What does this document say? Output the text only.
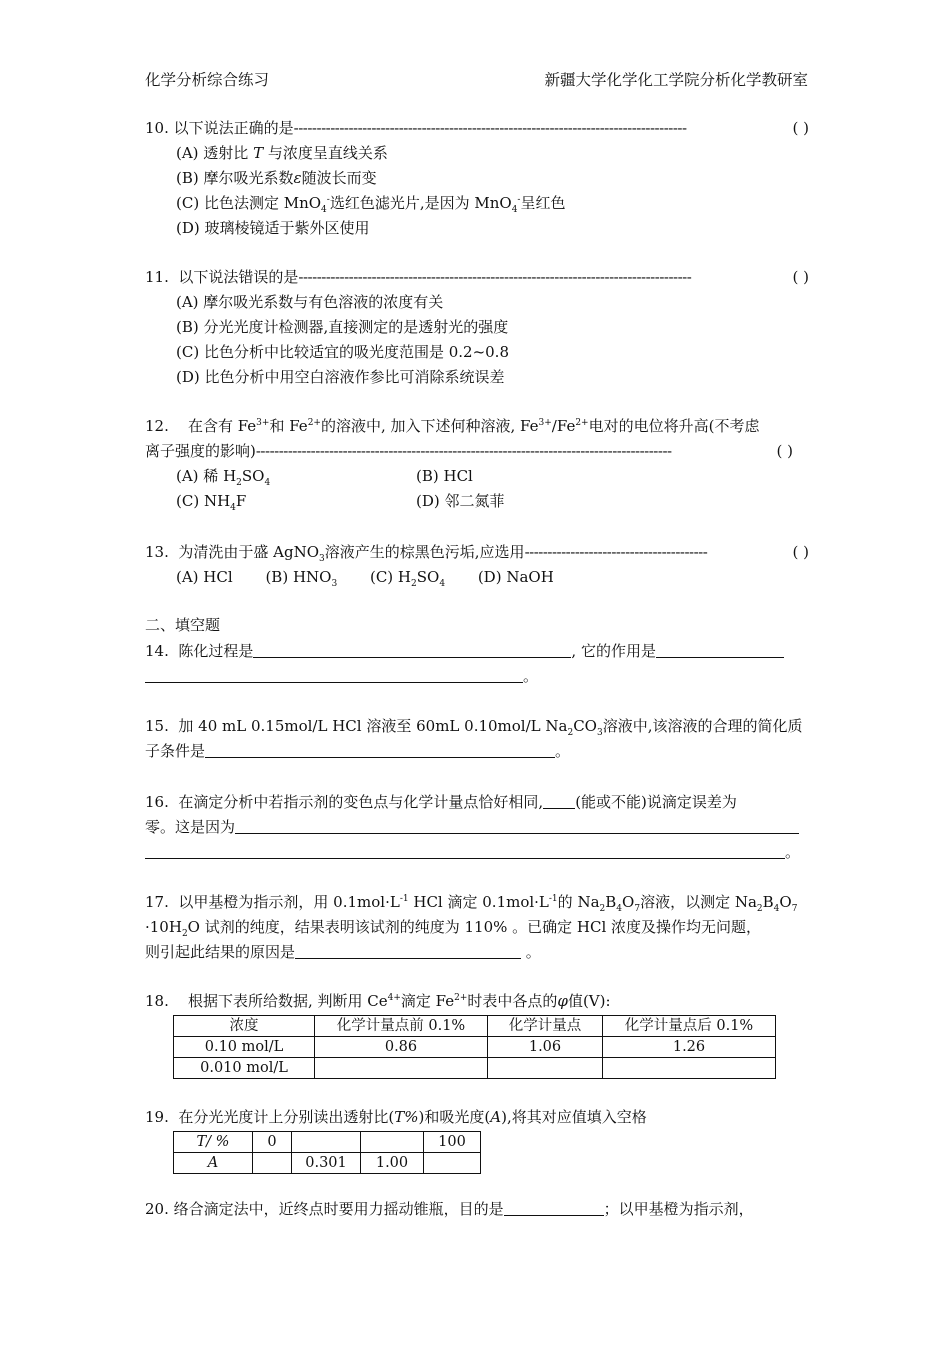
化学分析综合练习	新疆大学化学化工学院分析化学教研室
10. 以下说法正确的是--------------------------------------------------------------------------------------	( )
(A) 透射比 T 与浓度呈直线关系
(B) 摩尔吸光系数ε随波长而变
(C) 比色法测定 MnO$_4$-选红色滤光片,是因为 MnO$_4$-呈红色
(D) 玻璃棱镜适于紫外区使用
11. 以下说法错误的是--------------------------------------------------------------------------------------	( )
(A) 摩尔吸光系数与有色溶液的浓度有关
(B) 分光光度计检测器,直接测定的是透射光的强度
(C) 比色分析中比较适宜的吸光度范围是 0.2~0.8
(D) 比色分析中用空白溶液作参比可消除系统误差
12. 在含有 $Fe^{3+}$和 $Fe^{2+}$的溶液中, 加入下述何种溶液, $Fe^{3+}/Fe^{2+}$电对的电位将升高(不考虑
离子强度的影响)-------------------------------------------------------------------------------------------	( )
(A) 稀 $H_2SO_4$	(B) HCl
(C) $NH_4F$	(D) 邻二氮菲
13. 为清洗由于盛 AgNO$_3$溶液产生的棕黑色污垢,应选用----------------------------------------	( )
(A) HCl (B) $HNO_3$ (C) $H_2SO_4$ (D) NaOH
二、填空题
14. 陈化过程是	, 它的作用是
。
15. 加 40 mL 0.15mol/L HCl 溶液至 60mL 0.10mol/L $Na_2CO_3$溶液中,该溶液的合理的简化质
子条件是	。
16. 在滴定分析中若指示剂的变色点与化学计量点恰好相同, (能或不能)说滴定误差为
零。这是因为
。
17. 以甲基橙为指示剂，用 $0.1mol\cdot L^{-1}$ HCl 滴定 $0.1mol\cdot L^{-1}$的 $Na_2B_4O_7$溶液，以测定 $Na_2B_4O_7$
$\cdot 10H_2O$ 试剂的纯度，结果表明该试剂的纯度为 110% 。已确定 HCl 浓度及操作均无问题，
则引起此结果的原因是	。
18. 根据下表所给数据, 判断用 $Ce^{4+}$滴定 $Fe^{2+}$时表中各点的φ值(V):
浓度	化学计量点前 0.1%	化学计量点	化学计量点后 0.1%
0.10 mol/L	0.86	1.06	1.26
0.010 mol/L			
19. 在分光光度计上分别读出透射比(T%)和吸光度(A),将其对应值填入空格
T/ %	0			100
A		0.301	1.00	
20. 络合滴定法中，近终点时要用力摇动锥瓶，目的是	；以甲基橙为指示剂，
